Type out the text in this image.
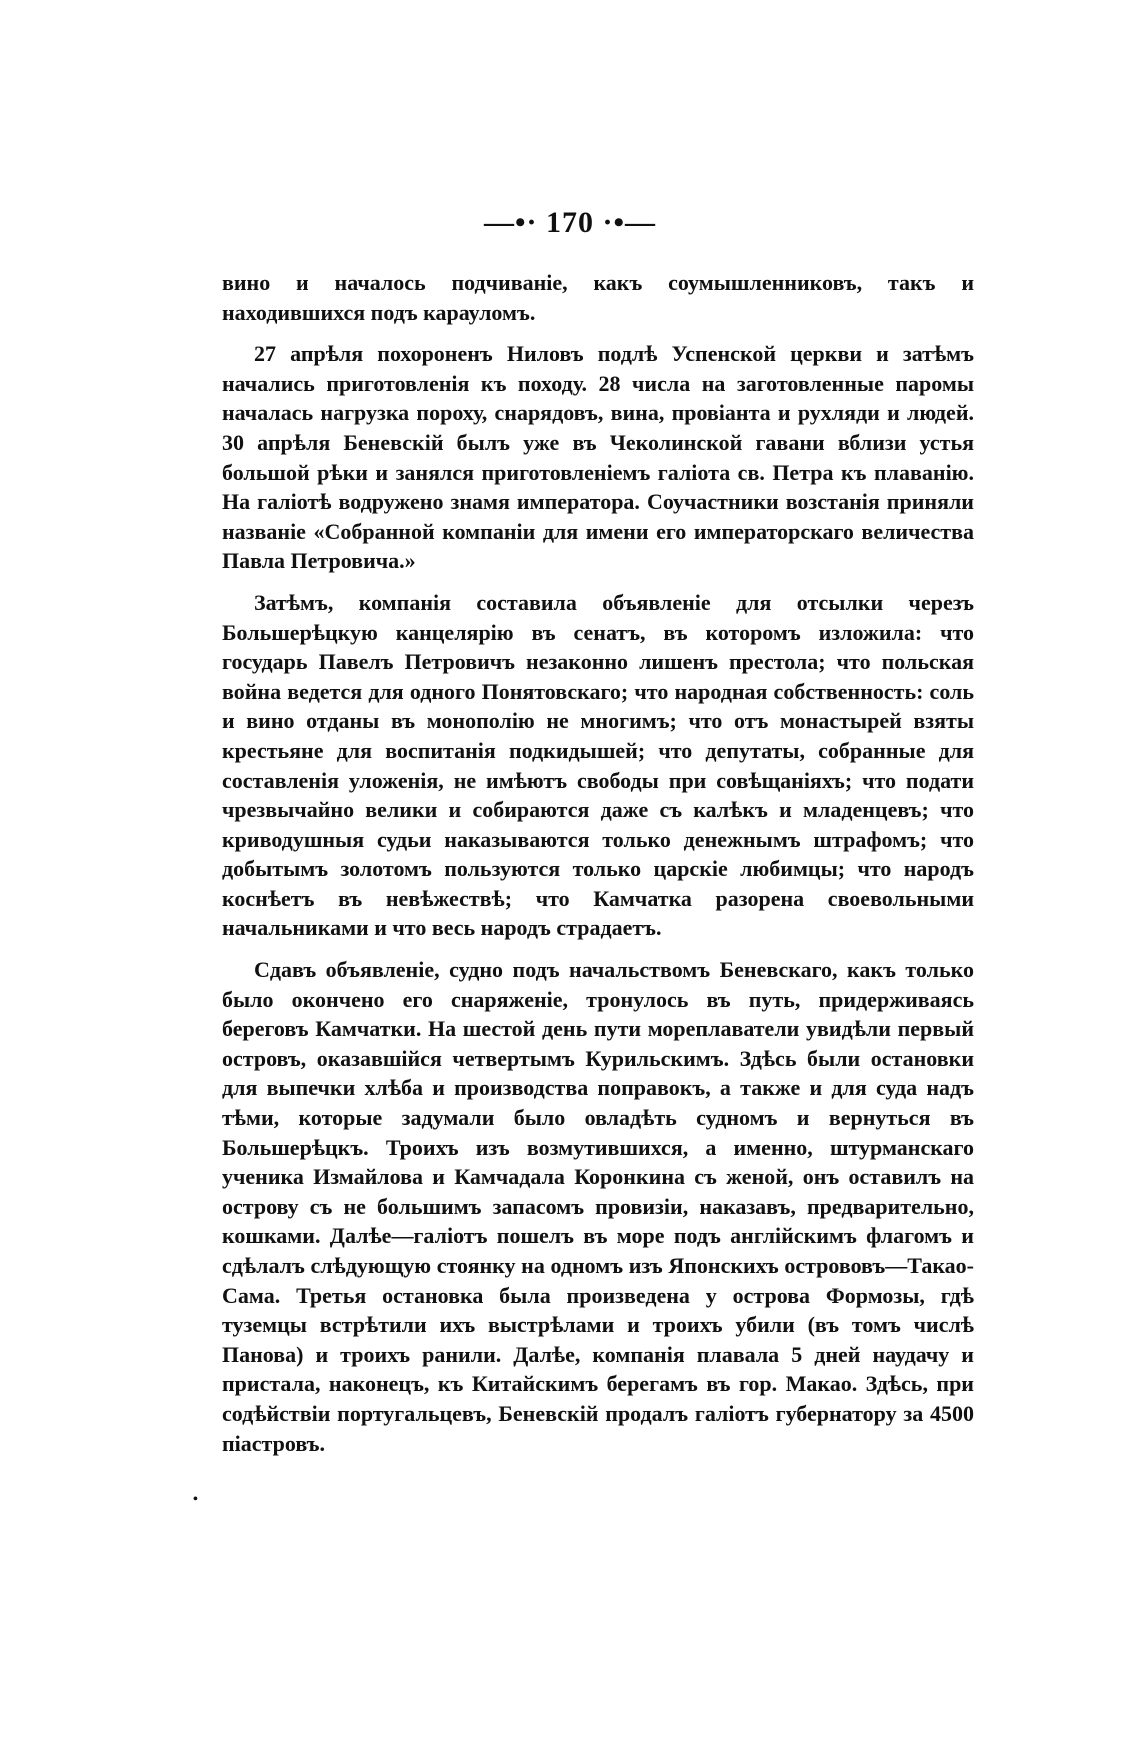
—•· 170 ·•—

вино и началось подчиванiе, какъ соумышленниковъ, такъ и находившихся подъ карауломъ.

27 апрѣля похороненъ Ниловъ подлѣ Успенской церкви и затѣмъ начались приготовленiя къ походу. 28 числа на заготовленные паромы началась нагрузка пороху, снарядовъ, вина, провiанта и рухляди и людей. 30 апрѣля Беневскiй былъ уже въ Чеколинской гавани вблизи устья большой рѣки и занялся приготовленiемъ галiота св. Петра къ плаванiю. На галiотѣ водружено знамя императора. Соучастники возстанiя приняли названiе «Собранной компанiи для имени его императорскаго величества Павла Петровича.»

Затѣмъ, компанiя составила объявленiе для отсылки черезъ Большерѣцкую канцелярiю въ сенатъ, въ которомъ изложила: что государь Павелъ Петровичъ незаконно лишенъ престола; что польская война ведется для одного Понятовскаго; что народная собственность: соль и вино отданы въ монополiю не многимъ; что отъ монастырей взяты крестьяне для воспитанiя подкидышей; что депутаты, собранные для составленiя уложенiя, не имѣютъ свободы при совѣщанiяхъ; что подати чрезвычайно велики и собираются даже съ калѣкъ и младенцевъ; что криводушныя судьи наказываются только денежнымъ штрафомъ; что добытымъ золотомъ пользуются только царскiе любимцы; что народъ коснѣетъ въ невѣжествѣ; что Камчатка разорена своевольными начальниками и что весь народъ страдаетъ.

Сдавъ объявленiе, судно подъ начальствомъ Беневскаго, какъ только было окончено его снаряженiе, тронулось въ путь, придерживаясь береговъ Камчатки. На шестой день пути мореплаватели увидѣли первый островъ, оказавшiйся четвертымъ Курильскимъ. Здѣсь были остановки для выпечки хлѣба и производства поправокъ, а также и для суда надъ тѣми, которые задумали было овладѣть судномъ и вернуться въ Большерѣцкъ. Троихъ изъ возмутившихся, а именно, штурманскаго ученика Измайлова и Камчадала Коронкина съ женой, онъ оставилъ на острову съ не большимъ запасомъ провизiи, наказавъ, предварительно, кошками. Далѣе—галiотъ пошелъ въ море подъ англiйскимъ флагомъ и сдѣлалъ слѣдующую стоянку на одномъ изъ Японскихъ острововъ—Такао-Сама. Третья остановка была произведена у острова Формозы, гдѣ туземцы встрѣтили ихъ выстрѣлами и троихъ убили (въ томъ числѣ Панова) и троихъ ранили. Далѣе, компанiя плавала 5 дней наудачу и пристала, наконецъ, къ Китайскимъ берегамъ въ гор. Макао. Здѣсь, при содѣйствiи португальцевъ, Беневскiй продалъ галiотъ губернатору за 4500 пiастровъ.

•
